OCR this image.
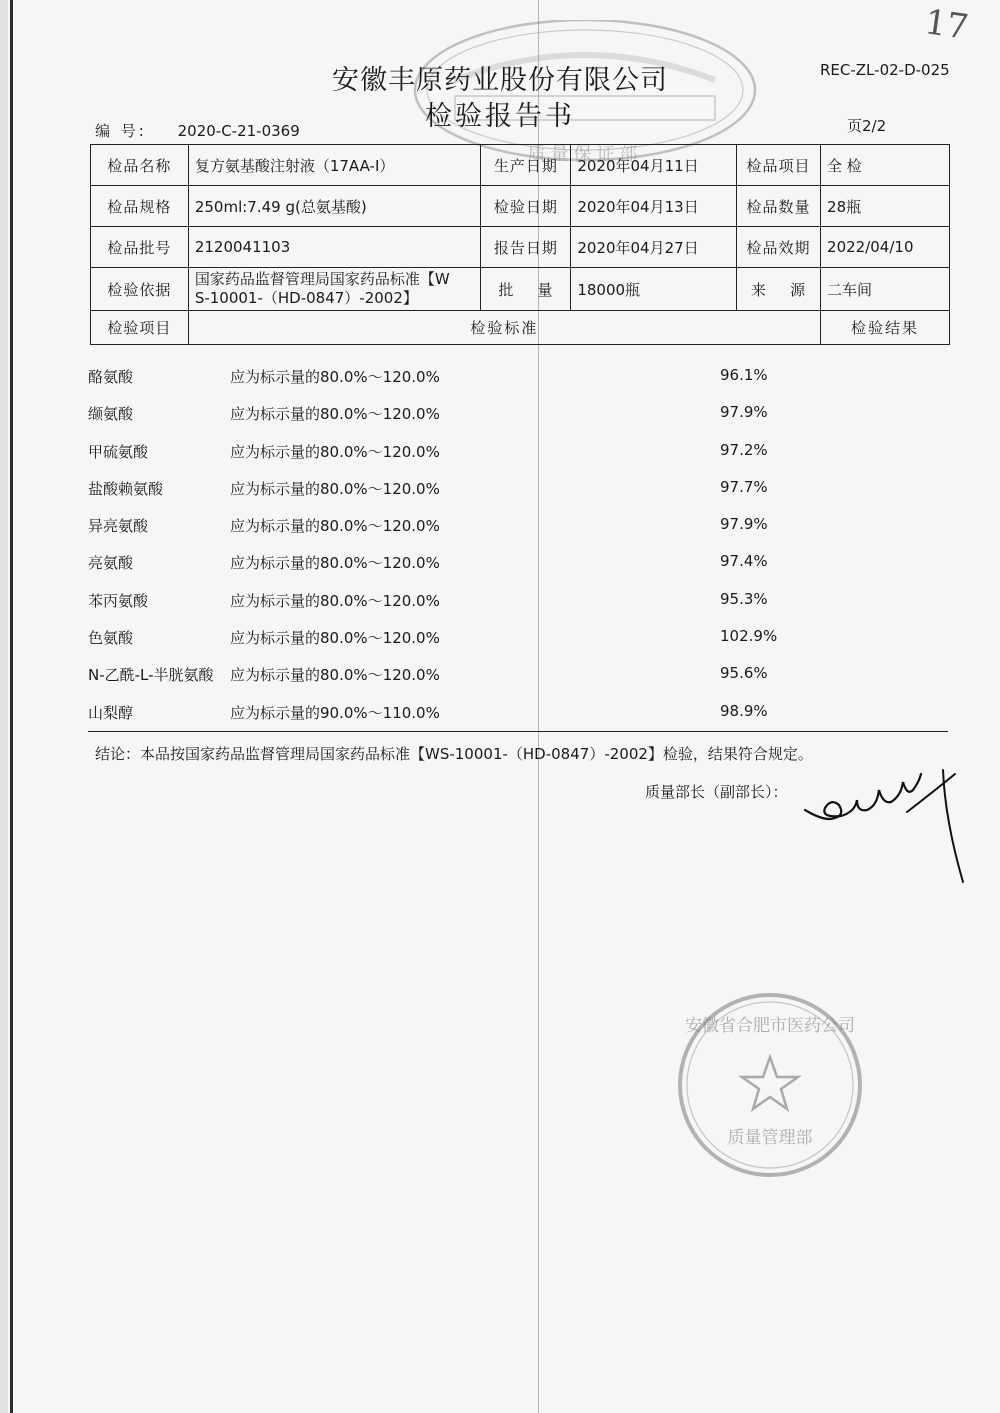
17
质量保证部
安徽丰原药业股份有限公司
检验报告书
REC-ZL-02-D-025
编 号: 2020-C-21-0369	页2/2
检品名称	复方氨基酸注射液（17AA-I）	生产日期	2020年04月11日	检品项目	全 检
检品规格	250ml:7.49 g(总氨基酸)	检验日期	2020年04月13日	检品数量	28瓶
检品批号	2120041103	报告日期	2020年04月27日	检品效期	2022/04/10
检验依据	国家药品监督管理局国家药品标准【W
S-10001-（HD-0847）-2002】	批    量	18000瓶	来    源	二车间
检验项目	检验标准				检验结果
酪氨酸	应为标示量的80.0%～120.0%	96.1%
缬氨酸	应为标示量的80.0%～120.0%	97.9%
甲硫氨酸	应为标示量的80.0%～120.0%	97.2%
盐酸赖氨酸	应为标示量的80.0%～120.0%	97.7%
异亮氨酸	应为标示量的80.0%～120.0%	97.9%
亮氨酸	应为标示量的80.0%～120.0%	97.4%
苯丙氨酸	应为标示量的80.0%～120.0%	95.3%
色氨酸	应为标示量的80.0%～120.0%	102.9%
N-乙酰-L-半胱氨酸 应为标示量的80.0%～120.0%	95.6%
山梨醇	应为标示量的90.0%～110.0%	98.9%
结论：本品按国家药品监督管理局国家药品标准【WS-10001-（HD-0847）-2002】检验，结果符合规定。
质量部长（副部长）：
安徽省合肥市医药公司
质量管理部
